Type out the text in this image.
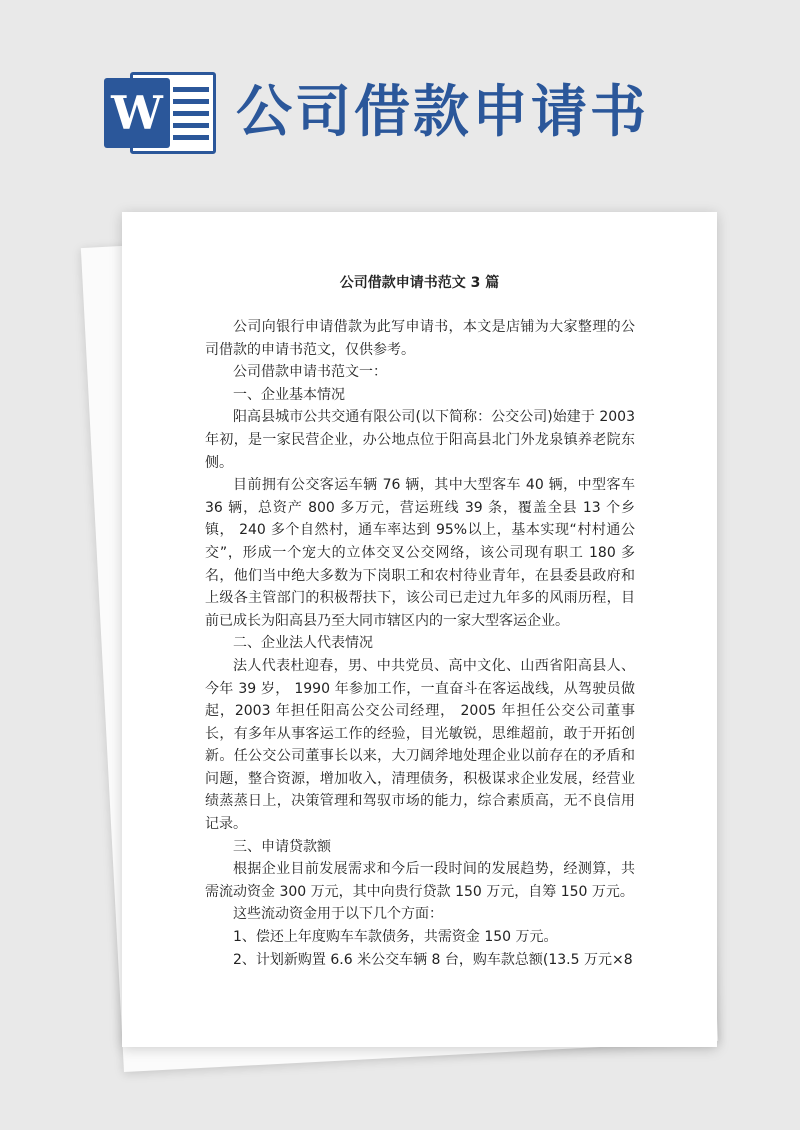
W 公司借款申请书
公司借款申请书范文 3 篇

公司向银行申请借款为此写申请书，本文是店铺为大家整理的公司借款的申请书范文，仅供参考。

公司借款申请书范文一：

一、企业基本情况

阳高县城市公共交通有限公司(以下简称：公交公司)始建于 2003 年初，是一家民营企业，办公地点位于阳高县北门外龙泉镇养老院东侧。

目前拥有公交客运车辆 76 辆，其中大型客车 40 辆，中型客车 36 辆，总资产 800 多万元，营运班线 39 条，覆盖全县 13 个乡镇， 240 多个自然村，通车率达到 95%以上，基本实现“村村通公交”，形成一个宠大的立体交叉公交网络，该公司现有职工 180 多名，他们当中绝大多数为下岗职工和农村待业青年，在县委县政府和上级各主管部门的积极帮扶下，该公司已走过九年多的风雨历程，目前已成长为阳高县乃至大同市辖区内的一家大型客运企业。

二、企业法人代表情况

法人代表杜迎春，男、中共党员、高中文化、山西省阳高县人、今年 39 岁， 1990 年参加工作，一直奋斗在客运战线，从驾驶员做起，2003 年担任阳高公交公司经理， 2005 年担任公交公司董事长，有多年从事客运工作的经验，目光敏锐，思维超前，敢于开拓创新。任公交公司董事长以来，大刀阔斧地处理企业以前存在的矛盾和问题，整合资源，增加收入，清理债务，积极谋求企业发展，经营业绩蒸蒸日上，决策管理和驾驭市场的能力，综合素质高，无不良信用记录。

三、申请贷款额

根据企业目前发展需求和今后一段时间的发展趋势，经测算，共需流动资金 300 万元，其中向贵行贷款 150 万元，自筹 150 万元。

这些流动资金用于以下几个方面：

1、偿还上年度购车车款债务，共需资金 150 万元。

2、计划新购置 6.6 米公交车辆 8 台，购车款总额(13.5 万元×8
